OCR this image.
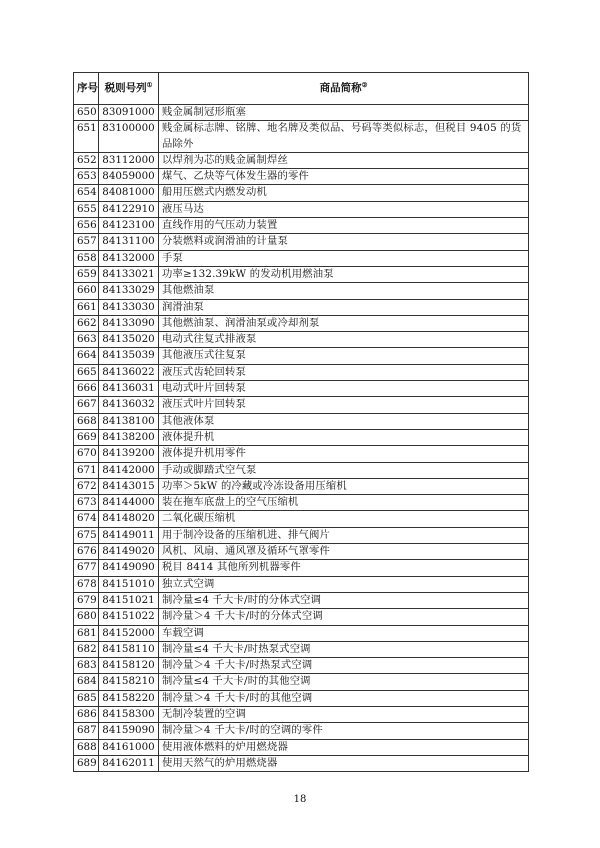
序号	税则号列①	商品简称②
650	83091000	贱金属制冠形瓶塞
651	83100000	贱金属标志牌、铭牌、地名牌及类似品、号码等类似标志，但税目 9405 的货品除外
652	83112000	以焊剂为芯的贱金属制焊丝
653	84059000	煤气、乙炔等气体发生器的零件
654	84081000	船用压燃式内燃发动机
655	84122910	液压马达
656	84123100	直线作用的气压动力装置
657	84131100	分装燃料或润滑油的计量泵
658	84132000	手泵
659	84133021	功率≥132.39kW 的发动机用燃油泵
660	84133029	其他燃油泵
661	84133030	润滑油泵
662	84133090	其他燃油泵、润滑油泵或冷却剂泵
663	84135020	电动式往复式排液泵
664	84135039	其他液压式往复泵
665	84136022	液压式齿轮回转泵
666	84136031	电动式叶片回转泵
667	84136032	液压式叶片回转泵
668	84138100	其他液体泵
669	84138200	液体提升机
670	84139200	液体提升机用零件
671	84142000	手动或脚踏式空气泵
672	84143015	功率＞5kW 的冷藏或冷冻设备用压缩机
673	84144000	装在拖车底盘上的空气压缩机
674	84148020	二氧化碳压缩机
675	84149011	用于制冷设备的压缩机进、排气阀片
676	84149020	风机、风扇、通风罩及循环气罩零件
677	84149090	税目 8414 其他所列机器零件
678	84151010	独立式空调
679	84151021	制冷量≤4 千大卡/时的分体式空调
680	84151022	制冷量＞4 千大卡/时的分体式空调
681	84152000	车载空调
682	84158110	制冷量≤4 千大卡/时热泵式空调
683	84158120	制冷量＞4 千大卡/时热泵式空调
684	84158210	制冷量≤4 千大卡/时的其他空调
685	84158220	制冷量＞4 千大卡/时的其他空调
686	84158300	无制冷装置的空调
687	84159090	制冷量＞4 千大卡/时的空调的零件
688	84161000	使用液体燃料的炉用燃烧器
689	84162011	使用天然气的炉用燃烧器
18
